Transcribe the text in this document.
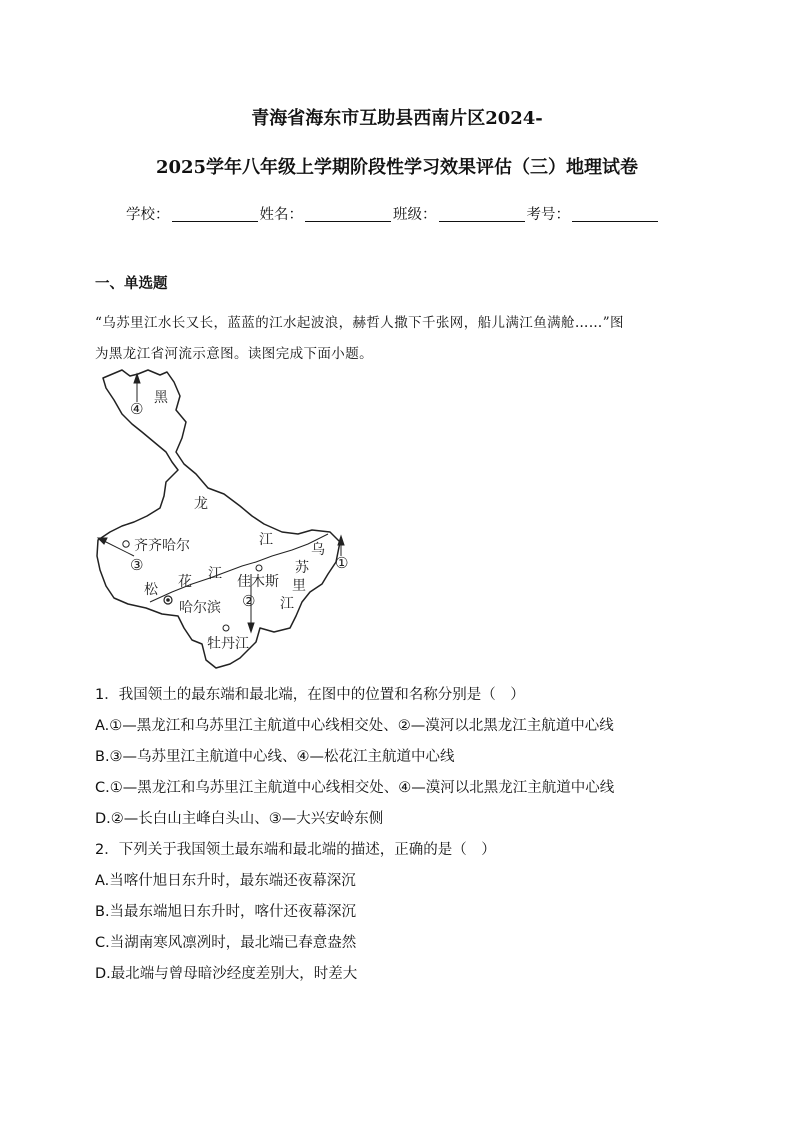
青海省海东市互助县西南片区2024-
2025学年八年级上学期阶段性学习效果评估（三）地理试卷
学校：	姓名：	班级：	考号：
一、单选题
“乌苏里江水长又长，蓝蓝的江水起波浪，赫哲人撒下千张网，船儿满江鱼满舱……”图
为黑龙江省河流示意图。读图完成下面小题。
黑
龙
江
齐齐哈尔
松 花 江
哈尔滨
佳木斯
牡丹江
乌
苏
里
江
①
②
③
④
1．我国领土的最东端和最北端，在图中的位置和名称分别是（　）
A.①—黑龙江和乌苏里江主航道中心线相交处、②—漠河以北黑龙江主航道中心线
B.③—乌苏里江主航道中心线、④—松花江主航道中心线
C.①—黑龙江和乌苏里江主航道中心线相交处、④—漠河以北黑龙江主航道中心线
D.②—长白山主峰白头山、③—大兴安岭东侧
2．下列关于我国领土最东端和最北端的描述，正确的是（　）
A.当喀什旭日东升时，最东端还夜幕深沉
B.当最东端旭日东升时，喀什还夜幕深沉
C.当湖南寒风凛冽时，最北端已春意盎然
D.最北端与曾母暗沙经度差别大，时差大
